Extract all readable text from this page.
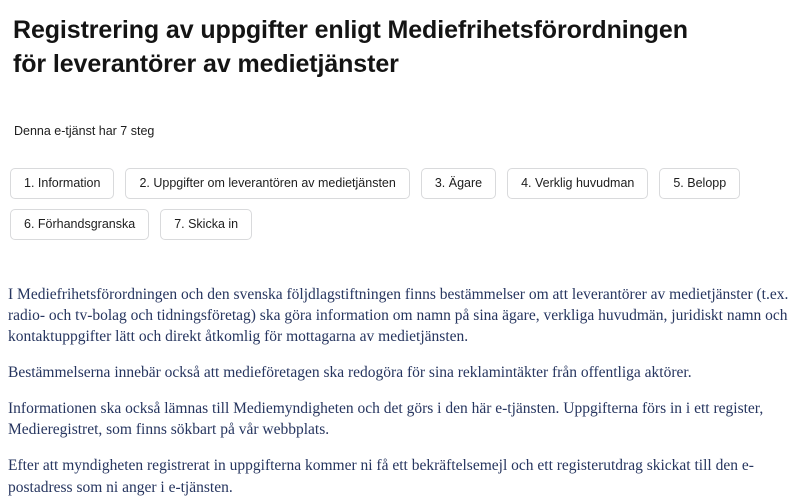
Registrering av uppgifter enligt Mediefrihetsförordningen för leverantörer av medietjänster

Denna e-tjänst har 7 steg

1. Information	2. Uppgifter om leverantören av medietjänsten	3. Ägare	4. Verklig huvudman	5. Belopp
6. Förhandsgranska	7. Skicka in

I Mediefrihetsförordningen och den svenska följdlagstiftningen finns bestämmelser om att leverantörer av medietjänster (t.ex. radio- och tv-bolag och tidningsföretag) ska göra information om namn på sina ägare, verkliga huvudmän, juridiskt namn och kontaktuppgifter lätt och direkt åtkomlig för mottagarna av medietjänsten.

Bestämmelserna innebär också att medieföretagen ska redogöra för sina reklamintäkter från offentliga aktörer.

Informationen ska också lämnas till Mediemyndigheten och det görs i den här e-tjänsten. Uppgifterna förs in i ett register, Medieregistret, som finns sökbart på vår webbplats.

Efter att myndigheten registrerat in uppgifterna kommer ni få ett bekräftelsemejl och ett registerutdrag skickat till den e-postadress som ni anger i e-tjänsten.
